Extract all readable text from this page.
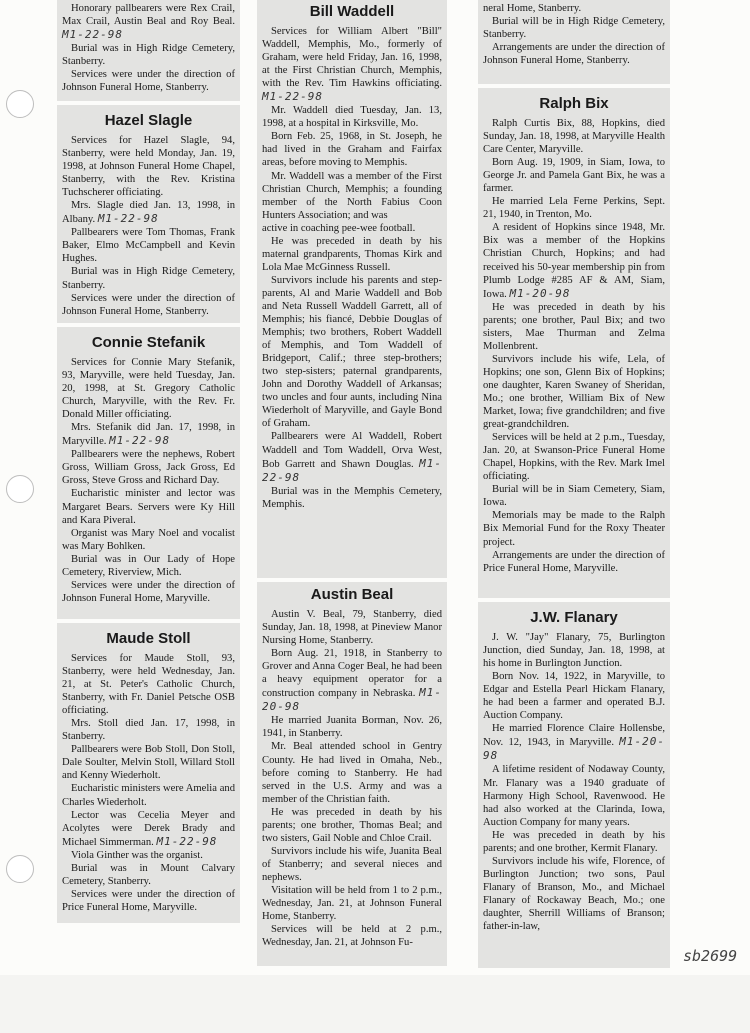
Honorary pallbearers were Rex Crail, Max Crail, Austin Beal and Roy Beal. M1-22-98

Burial was in High Ridge Cemetery, Stanberry.

Services were under the direction of Johnson Funeral Home, Stanberry.

Hazel Slagle

Services for Hazel Slagle, 94, Stanberry, were held Monday, Jan. 19, 1998, at Johnson Funeral Home Chapel, Stanberry, with the Rev. Kristina Tuchscherer officiating.

Mrs. Slagle died Jan. 13, 1998, in Albany. M1-22-98

Pallbearers were Tom Thomas, Frank Baker, Elmo McCampbell and Kevin Hughes.

Burial was in High Ridge Cemetery, Stanberry.

Services were under the direction of Johnson Funeral Home, Stanberry.

Connie Stefanik

Services for Connie Mary Stefanik, 93, Maryville, were held Tuesday, Jan. 20, 1998, at St. Gregory Catholic Church, Maryville, with the Rev. Fr. Donald Miller officiating.

Mrs. Stefanik did Jan. 17, 1998, in Maryville. M1-22-98

Pallbearers were the nephews, Robert Gross, William Gross, Jack Gross, Ed Gross, Steve Gross and Richard Day.

Eucharistic minister and lector was Margaret Bears. Servers were Ky Hill and Kara Piveral.

Organist was Mary Noel and vocalist was Mary Bohlken.

Burial was in Our Lady of Hope Cemetery, Riverview, Mich.

Services were under the direction of Johnson Funeral Home, Maryville.

Maude Stoll

Services for Maude Stoll, 93, Stanberry, were held Wednesday, Jan. 21, at St. Peter's Catholic Church, Stanberry, with Fr. Daniel Petsche OSB officiating.

Mrs. Stoll died Jan. 17, 1998, in Stanberry.

Pallbearers were Bob Stoll, Don Stoll, Dale Soulter, Melvin Stoll, Willard Stoll and Kenny Wiederholt.

Eucharistic ministers were Amelia and Charles Wiederholt.

Lector was Cecelia Meyer and Acolytes were Derek Brady and Michael Simmerman. M1-22-98

Viola Ginther was the organist.

Burial was in Mount Calvary Cemetery, Stanberry.

Services were under the direction of Price Funeral Home, Maryville.

Bill Waddell

Services for William Albert "Bill" Waddell, Memphis, Mo., formerly of Graham, were held Friday, Jan. 16, 1998, at the First Christian Church, Memphis, with the Rev. Tim Hawkins officiating. M1-22-98

Mr. Waddell died Tuesday, Jan. 13, 1998, at a hospital in Kirksville, Mo.

Born Feb. 25, 1968, in St. Joseph, he had lived in the Graham and Fairfax areas, before moving to Memphis.

Mr. Waddell was a member of the First Christian Church, Memphis; a founding member of the North Fabius Coon Hunters Association; and was

active in coaching pee-wee football.

He was preceded in death by his maternal grandparents, Thomas Kirk and Lola Mae McGinness Russell.

Survivors include his parents and step-parents, Al and Marie Waddell and Bob and Neta Russell Waddell Garrett, all of Memphis; his fiancé, Debbie Douglas of Memphis; two brothers, Robert Waddell of Memphis, and Tom Waddell of Bridgeport, Calif.; three step-brothers; two step-sisters; paternal grandparents, John and Dorothy Waddell of Arkansas; two uncles and four aunts, including Nina Wiederholt of Maryville, and Gayle Bond of Graham.

Pallbearers were Al Waddell, Robert Waddell and Tom Waddell, Orva West, Bob Garrett and Shawn Douglas. M1-22-98

Burial was in the Memphis Cemetery, Memphis.

Austin Beal

Austin V. Beal, 79, Stanberry, died Sunday, Jan. 18, 1998, at Pineview Manor Nursing Home, Stanberry.

Born Aug. 21, 1918, in Stanberry to Grover and Anna Coger Beal, he had been a heavy equipment operator for a construction company in Nebraska. M1-20-98

He married Juanita Borman, Nov. 26, 1941, in Stanberry.

Mr. Beal attended school in Gentry County. He had lived in Omaha, Neb., before coming to Stanberry. He had served in the U.S. Army and was a member of the Christian faith.

He was preceded in death by his parents; one brother, Thomas Beal; and two sisters, Gail Noble and Chloe Crail.

Survivors include his wife, Juanita Beal of Stanberry; and several nieces and nephews.

Visitation will be held from 1 to 2 p.m., Wednesday, Jan. 21, at Johnson Funeral Home, Stanberry.

Services will be held at 2 p.m., Wednesday, Jan. 21, at Johnson Fu-

neral Home, Stanberry.

Burial will be in High Ridge Cemetery, Stanberry.

Arrangements are under the direction of Johnson Funeral Home, Stanberry.

Ralph Bix

Ralph Curtis Bix, 88, Hopkins, died Sunday, Jan. 18, 1998, at Maryville Health Care Center, Maryville.

Born Aug. 19, 1909, in Siam, Iowa, to George Jr. and Pamela Gant Bix, he was a farmer.

He married Lela Ferne Perkins, Sept. 21, 1940, in Trenton, Mo.

A resident of Hopkins since 1948, Mr. Bix was a member of the Hopkins Christian Church, Hopkins; and had received his 50-year membership pin from Plumb Lodge #285 AF & AM, Siam, Iowa. M1-20-98

He was preceded in death by his parents; one brother, Paul Bix; and two sisters, Mae Thurman and Zelma Mollenbrent.

Survivors include his wife, Lela, of Hopkins; one son, Glenn Bix of Hopkins; one daughter, Karen Swaney of Sheridan, Mo.; one brother, William Bix of New Market, Iowa; five grandchildren; and five great-grandchildren.

Services will be held at 2 p.m., Tuesday, Jan. 20, at Swanson-Price Funeral Home Chapel, Hopkins, with the Rev. Mark Imel officiating.

Burial will be in Siam Cemetery, Siam, Iowa.

Memorials may be made to the Ralph Bix Memorial Fund for the Roxy Theater project.

Arrangements are under the direction of Price Funeral Home, Maryville.

J.W. Flanary

J. W. "Jay" Flanary, 75, Burlington Junction, died Sunday, Jan. 18, 1998, at his home in Burlington Junction.

Born Nov. 14, 1922, in Maryville, to Edgar and Estella Pearl Hickam Flanary, he had been a farmer and operated B.J. Auction Company.

He married Florence Claire Hollensbe, Nov. 12, 1943, in Maryville. M1-20-98

A lifetime resident of Nodaway County, Mr. Flanary was a 1940 graduate of Harmony High School, Ravenwood. He had also worked at the Clarinda, Iowa, Auction Company for many years.

He was preceded in death by his parents; and one brother, Kermit Flanary.

Survivors include his wife, Florence, of Burlington Junction; two sons, Paul Flanary of Branson, Mo., and Michael Flanary of Rockaway Beach, Mo.; one daughter, Sherrill Williams of Branson; father-in-law,

sb2699
